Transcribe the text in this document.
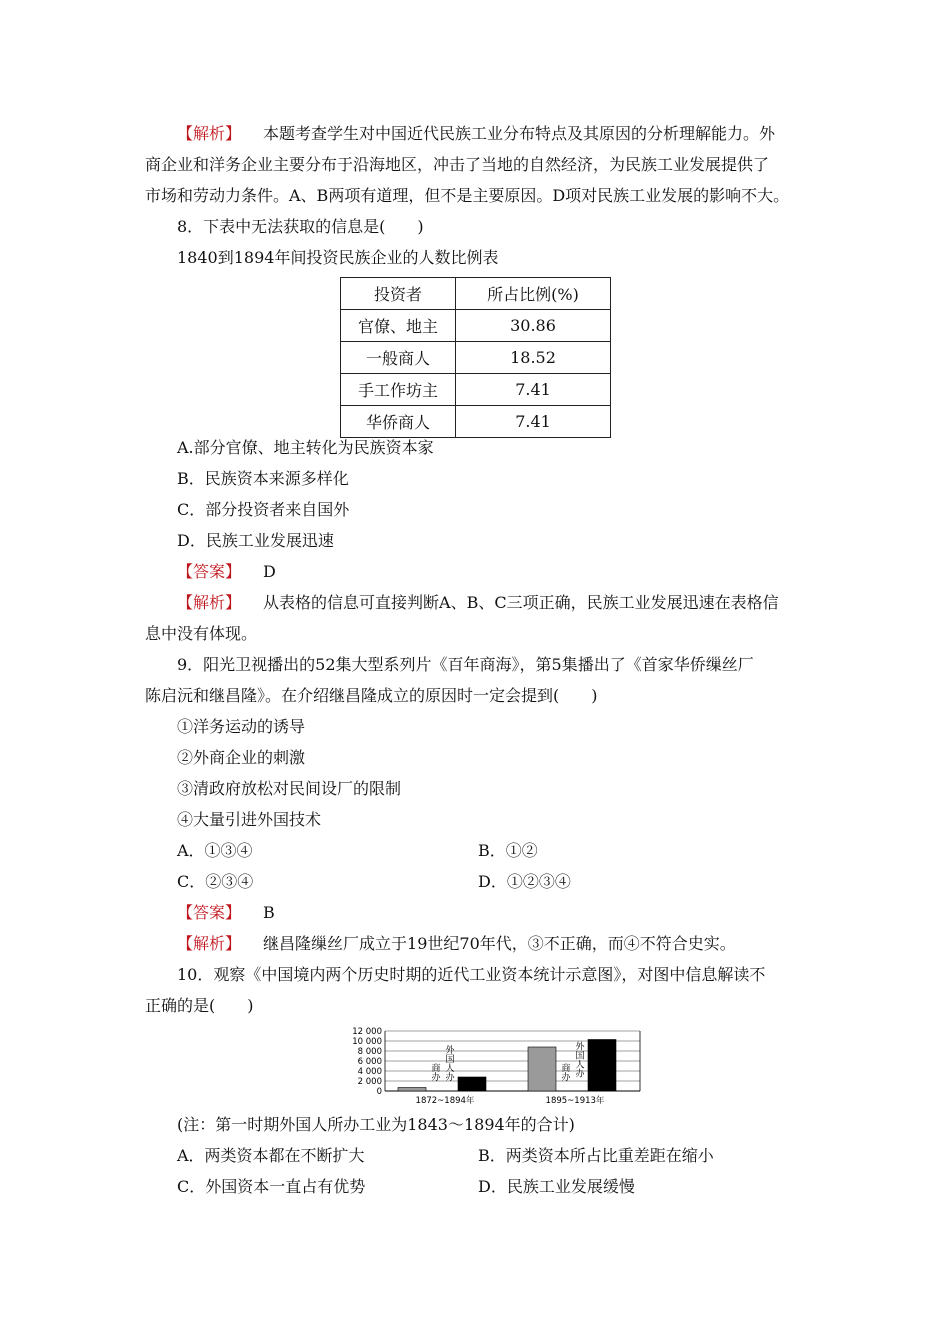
【 解析 】 本题考查学生对中国近代民族工业分布特点及其原因的分析理解能力。外
商企业和洋务企业主要分布于沿海地区，冲击了当地的自然经济，为民族工业发展提供了
市场和劳动力条件。A、B两项有道理，但不是主要原因。D项对民族工业发展的影响不大。
8．下表中无法获取的信息是(　　)
1840到1894年间投资民族企业的人数比例表
投资者	所占比例(%)
官僚、地主	30.86
一般商人	18.52
手工作坊主	7.41
华侨商人	7.41
A.部分官僚、地主转化为民族资本家
B．民族资本来源多样化
C．部分投资者来自国外
D．民族工业发展迅速
【 答案 】 D
【 解析 】 从表格的信息可直接判断A、B、C三项正确，民族工业发展迅速在表格信
息中没有体现。
9．阳光卫视播出的52集大型系列片《百年商海》，第5集播出了《首家华侨缫丝厂
陈启沅和继昌隆》。在介绍继昌隆成立的原因时一定会提到(　　)
①洋务运动的诱导
②外商企业的刺激
③清政府放松对民间设厂的限制
④大量引进外国技术
A．①③④	B．①②
C．②③④	D．①②③④
【 答案 】 B
【 解析 】 继昌隆缫丝厂成立于19世纪70年代，③不正确，而④不符合史实。
10．观察《中国境内两个历史时期的近代工业资本统计示意图》，对图中信息解读不
正确的是(　　)
12 000
10 000
8 000
6 000
4 000
2 000
0
商办
外国人办
1872~1894年
商办
外国人办
1895~1913年
(注：第一时期外国人所办工业为1843～1894年的合计)
A．两类资本都在不断扩大	B．两类资本所占比重差距在缩小
C．外国资本一直占有优势	D．民族工业发展缓慢
